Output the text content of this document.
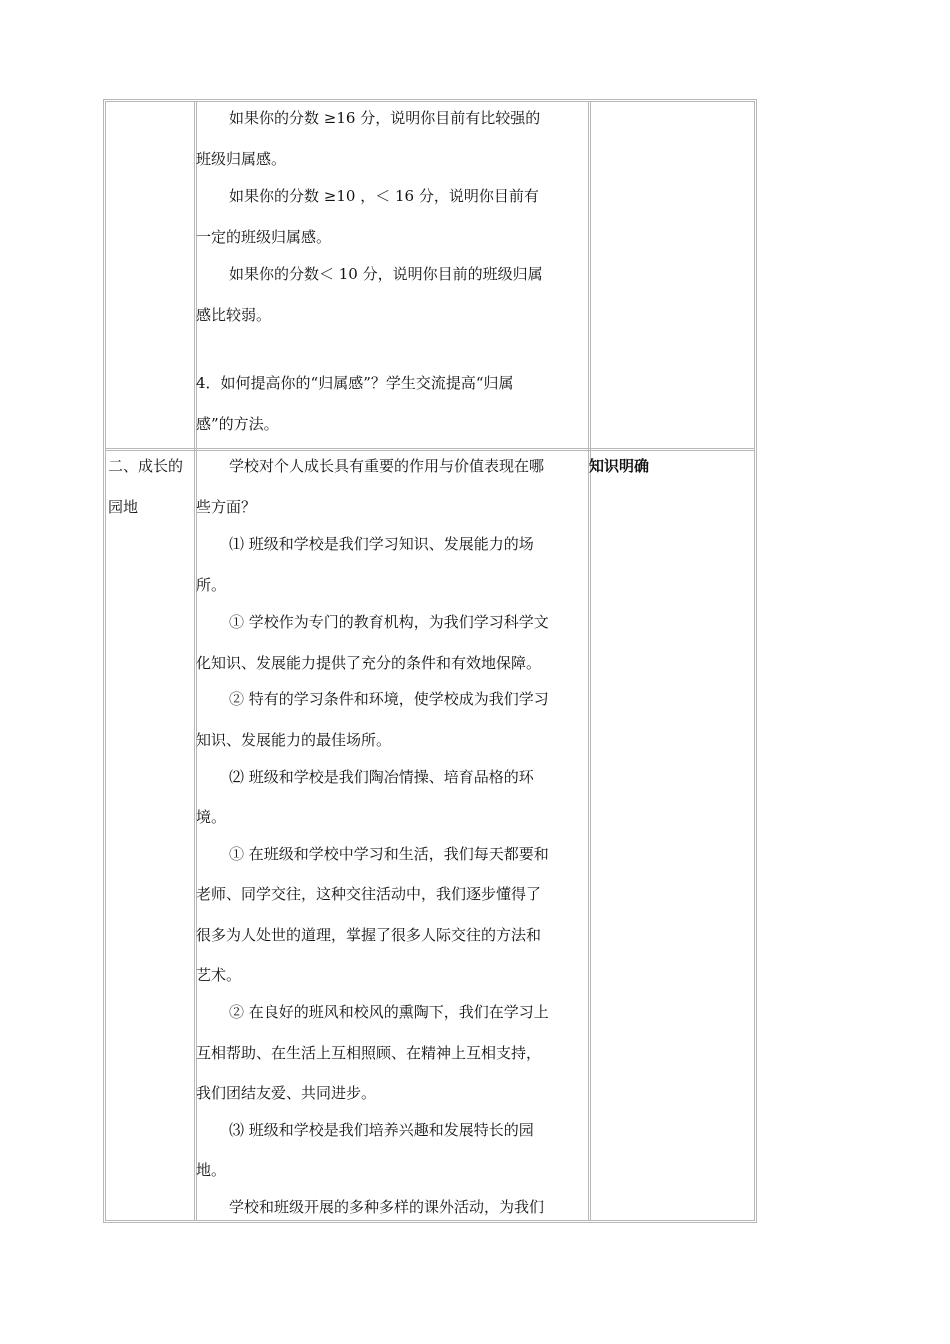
如果你的分数 ≥16 分，说明你目前有比较强的
班级归属感。
如果你的分数 ≥10 ，＜ 16 分，说明你目前有
一定的班级归属感。
如果你的分数＜ 10 分，说明你目前的班级归属
感比较弱。
4．如何提高你的“归属感”？学生交流提高“归属
感”的方法。
二、成长的
园地
知识明确
学校对个人成长具有重要的作用与价值表现在哪
些方面？
⑴ 班级和学校是我们学习知识、发展能力的场
所。
① 学校作为专门的教育机构，为我们学习科学文
化知识、发展能力提供了充分的条件和有效地保障。
② 特有的学习条件和环境，使学校成为我们学习
知识、发展能力的最佳场所。
⑵ 班级和学校是我们陶冶情操、培育品格的环
境。
① 在班级和学校中学习和生活，我们每天都要和
老师、同学交往，这种交往活动中，我们逐步懂得了
很多为人处世的道理，掌握了很多人际交往的方法和
艺术。
② 在良好的班风和校风的熏陶下，我们在学习上
互相帮助、在生活上互相照顾、在精神上互相支持，
我们团结友爱、共同进步。
⑶ 班级和学校是我们培养兴趣和发展特长的园
地。
学校和班级开展的多种多样的课外活动，为我们
